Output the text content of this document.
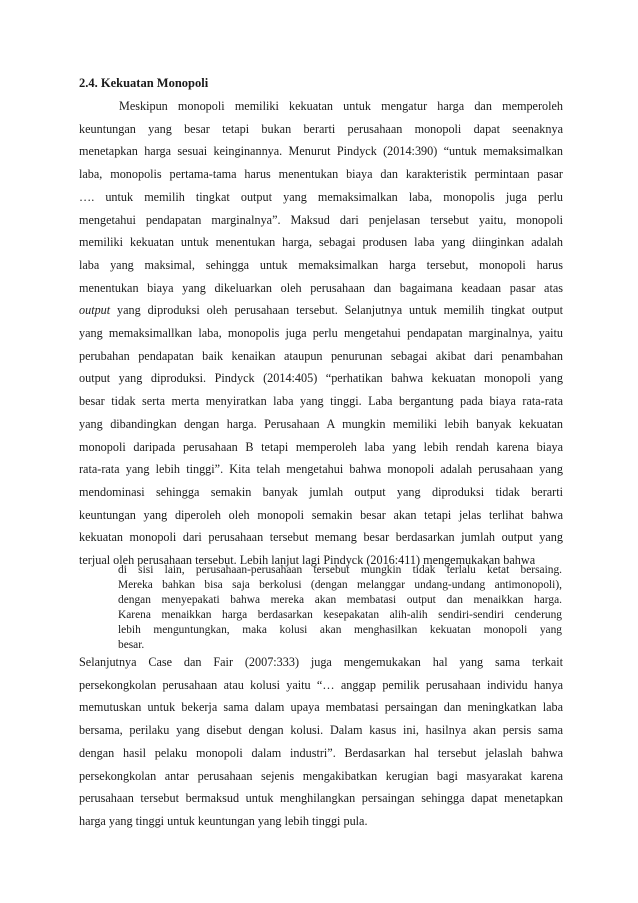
2.4. Kekuatan Monopoli

Meskipun monopoli memiliki kekuatan untuk mengatur harga dan memperoleh
keuntungan yang besar tetapi bukan berarti perusahaan monopoli dapat seenaknya
menetapkan harga sesuai keinginannya. Menurut Pindyck (2014:390) “untuk memaksimalkan
laba, monopolis pertama-tama harus menentukan biaya dan karakteristik permintaan pasar
…. untuk memilih tingkat output yang memaksimalkan laba, monopolis juga perlu
mengetahui pendapatan marginalnya”. Maksud dari penjelasan tersebut yaitu, monopoli
memiliki kekuatan untuk menentukan harga, sebagai produsen laba yang diinginkan adalah
laba yang maksimal, sehingga untuk memaksimalkan harga tersebut, monopoli harus
menentukan biaya yang dikeluarkan oleh perusahaan dan bagaimana keadaan pasar atas
output yang diproduksi oleh perusahaan tersebut. Selanjutnya untuk memilih tingkat output
yang memaksimallkan laba, monopolis juga perlu mengetahui pendapatan marginalnya, yaitu
perubahan pendapatan baik kenaikan ataupun penurunan sebagai akibat dari penambahan
output yang diproduksi. Pindyck (2014:405) “perhatikan bahwa kekuatan monopoli yang
besar tidak serta merta menyiratkan laba yang tinggi. Laba bergantung pada biaya rata-rata
yang dibandingkan dengan harga. Perusahaan A mungkin memiliki lebih banyak kekuatan
monopoli daripada perusahaan B tetapi memperoleh laba yang lebih rendah karena biaya
rata-rata yang lebih tinggi”. Kita telah mengetahui bahwa monopoli adalah perusahaan yang
mendominasi sehingga semakin banyak jumlah output yang diproduksi tidak berarti
keuntungan yang diperoleh oleh monopoli semakin besar akan tetapi jelas terlihat bahwa
kekuatan monopoli dari perusahaan tersebut memang besar berdasarkan jumlah output yang
terjual oleh perusahaan tersebut. Lebih lanjut lagi Pindyck (2016:411) mengemukakan bahwa

di sisi lain, perusahaan-perusahaan tersebut mungkin tidak terlalu ketat bersaing.
Mereka bahkan bisa saja berkolusi (dengan melanggar undang-undang antimonopoli),
dengan menyepakati bahwa mereka akan membatasi output dan menaikkan harga.
Karena menaikkan harga berdasarkan kesepakatan alih-alih sendiri-sendiri cenderung
lebih menguntungkan, maka kolusi akan menghasilkan kekuatan monopoli yang
besar.

Selanjutnya Case dan Fair (2007:333) juga mengemukakan hal yang sama terkait
persekongkolan perusahaan atau kolusi yaitu “… anggap pemilik perusahaan individu hanya
memutuskan untuk bekerja sama dalam upaya membatasi persaingan dan meningkatkan laba
bersama, perilaku yang disebut dengan kolusi. Dalam kasus ini, hasilnya akan persis sama
dengan hasil pelaku monopoli dalam industri”. Berdasarkan hal tersebut jelaslah bahwa
persekongkolan antar perusahaan sejenis mengakibatkan kerugian bagi masyarakat karena
perusahaan tersebut bermaksud untuk menghilangkan persaingan sehingga dapat menetapkan
harga yang tinggi untuk keuntungan yang lebih tinggi pula.
